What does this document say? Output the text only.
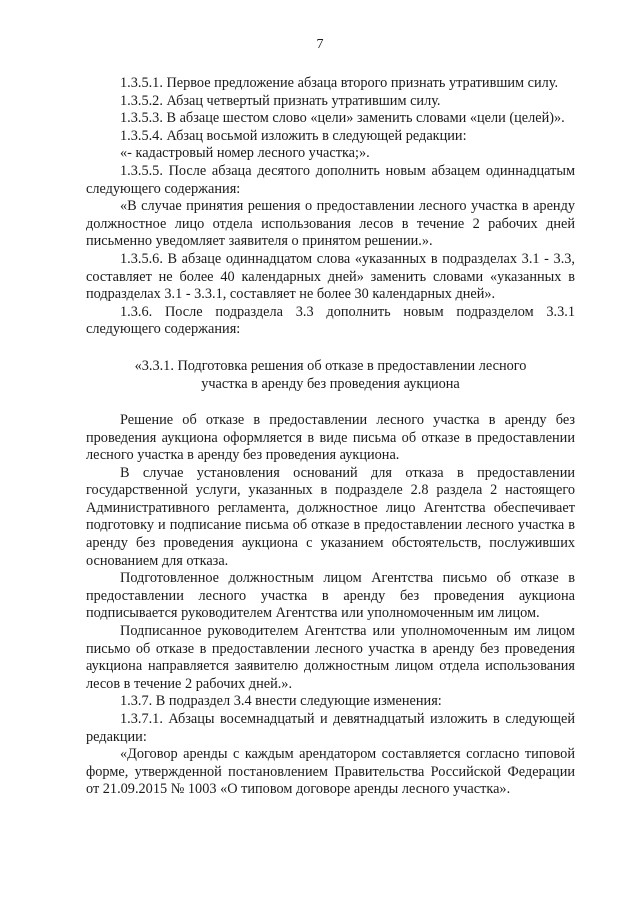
7

1.3.5.1. Первое предложение абзаца второго признать утратившим силу.

1.3.5.2. Абзац четвертый признать утратившим силу.

1.3.5.3. В абзаце шестом слово «цели» заменить словами «цели (целей)».

1.3.5.4. Абзац восьмой изложить в следующей редакции:

«- кадастровый номер лесного участка;».

1.3.5.5. После абзаца десятого дополнить новым абзацем одиннадцатым следующего содержания:

«В случае принятия решения о предоставлении лесного участка в аренду должностное лицо отдела использования лесов в течение 2 рабочих дней письменно уведомляет заявителя о принятом решении.».

1.3.5.6. В абзаце одиннадцатом слова «указанных в подразделах 3.1 - 3.3, составляет не более 40 календарных дней» заменить словами «указанных в подразделах 3.1 - 3.3.1, составляет не более 30 календарных дней».

1.3.6. После подраздела 3.3 дополнить новым подразделом 3.3.1 следующего содержания:

«3.3.1. Подготовка решения об отказе в предоставлении лесного участка в аренду без проведения аукциона

Решение об отказе в предоставлении лесного участка в аренду без проведения аукциона оформляется в виде письма об отказе в предоставлении лесного участка в аренду без проведения аукциона.

В случае установления оснований для отказа в предоставлении государственной услуги, указанных в подразделе 2.8 раздела 2 настоящего Административного регламента, должностное лицо Агентства обеспечивает подготовку и подписание письма об отказе в предоставлении лесного участка в аренду без проведения аукциона с указанием обстоятельств, послуживших основанием для отказа.

Подготовленное должностным лицом Агентства письмо об отказе в предоставлении лесного участка в аренду без проведения аукциона подписывается руководителем Агентства или уполномоченным им лицом.

Подписанное руководителем Агентства или уполномоченным им лицом письмо об отказе в предоставлении лесного участка в аренду без проведения аукциона направляется заявителю должностным лицом отдела использования лесов в течение 2 рабочих дней.».

1.3.7. В подраздел 3.4 внести следующие изменения:

1.3.7.1. Абзацы восемнадцатый и девятнадцатый изложить в следующей редакции:

«Договор аренды с каждым арендатором составляется согласно типовой форме, утвержденной постановлением Правительства Российской Федерации от 21.09.2015 № 1003 «О типовом договоре аренды лесного участка».
